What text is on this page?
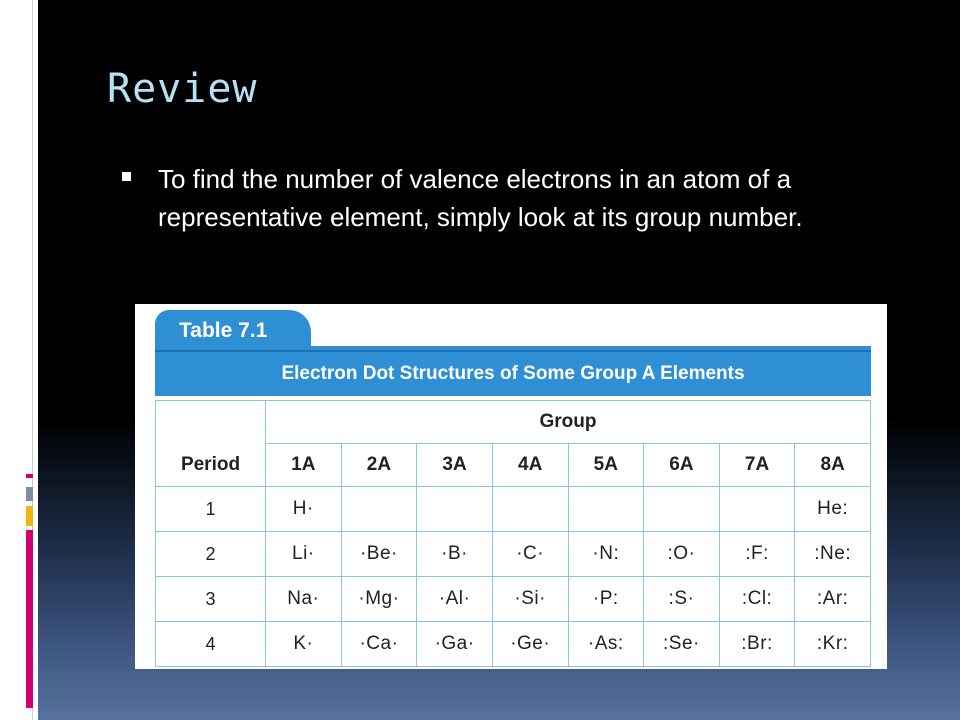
Review
To find the number of valence electrons in an atom of a representative element, simply look at its group number.
Table 7.1
Electron Dot Structures of Some Group A Elements
Period	Group							
	1A	2A	3A	4A	5A	6A	7A	8A
1	H·							He:
2	Li·	·Be·	·B·	·C·	·N:	:O·	:F:	:Ne:
3	Na·	·Mg·	·Al·	·Si·	·P:	:S·	:Cl:	:Ar:
4	K·	·Ca·	·Ga·	·Ge·	·As:	:Se·	:Br:	:Kr:
